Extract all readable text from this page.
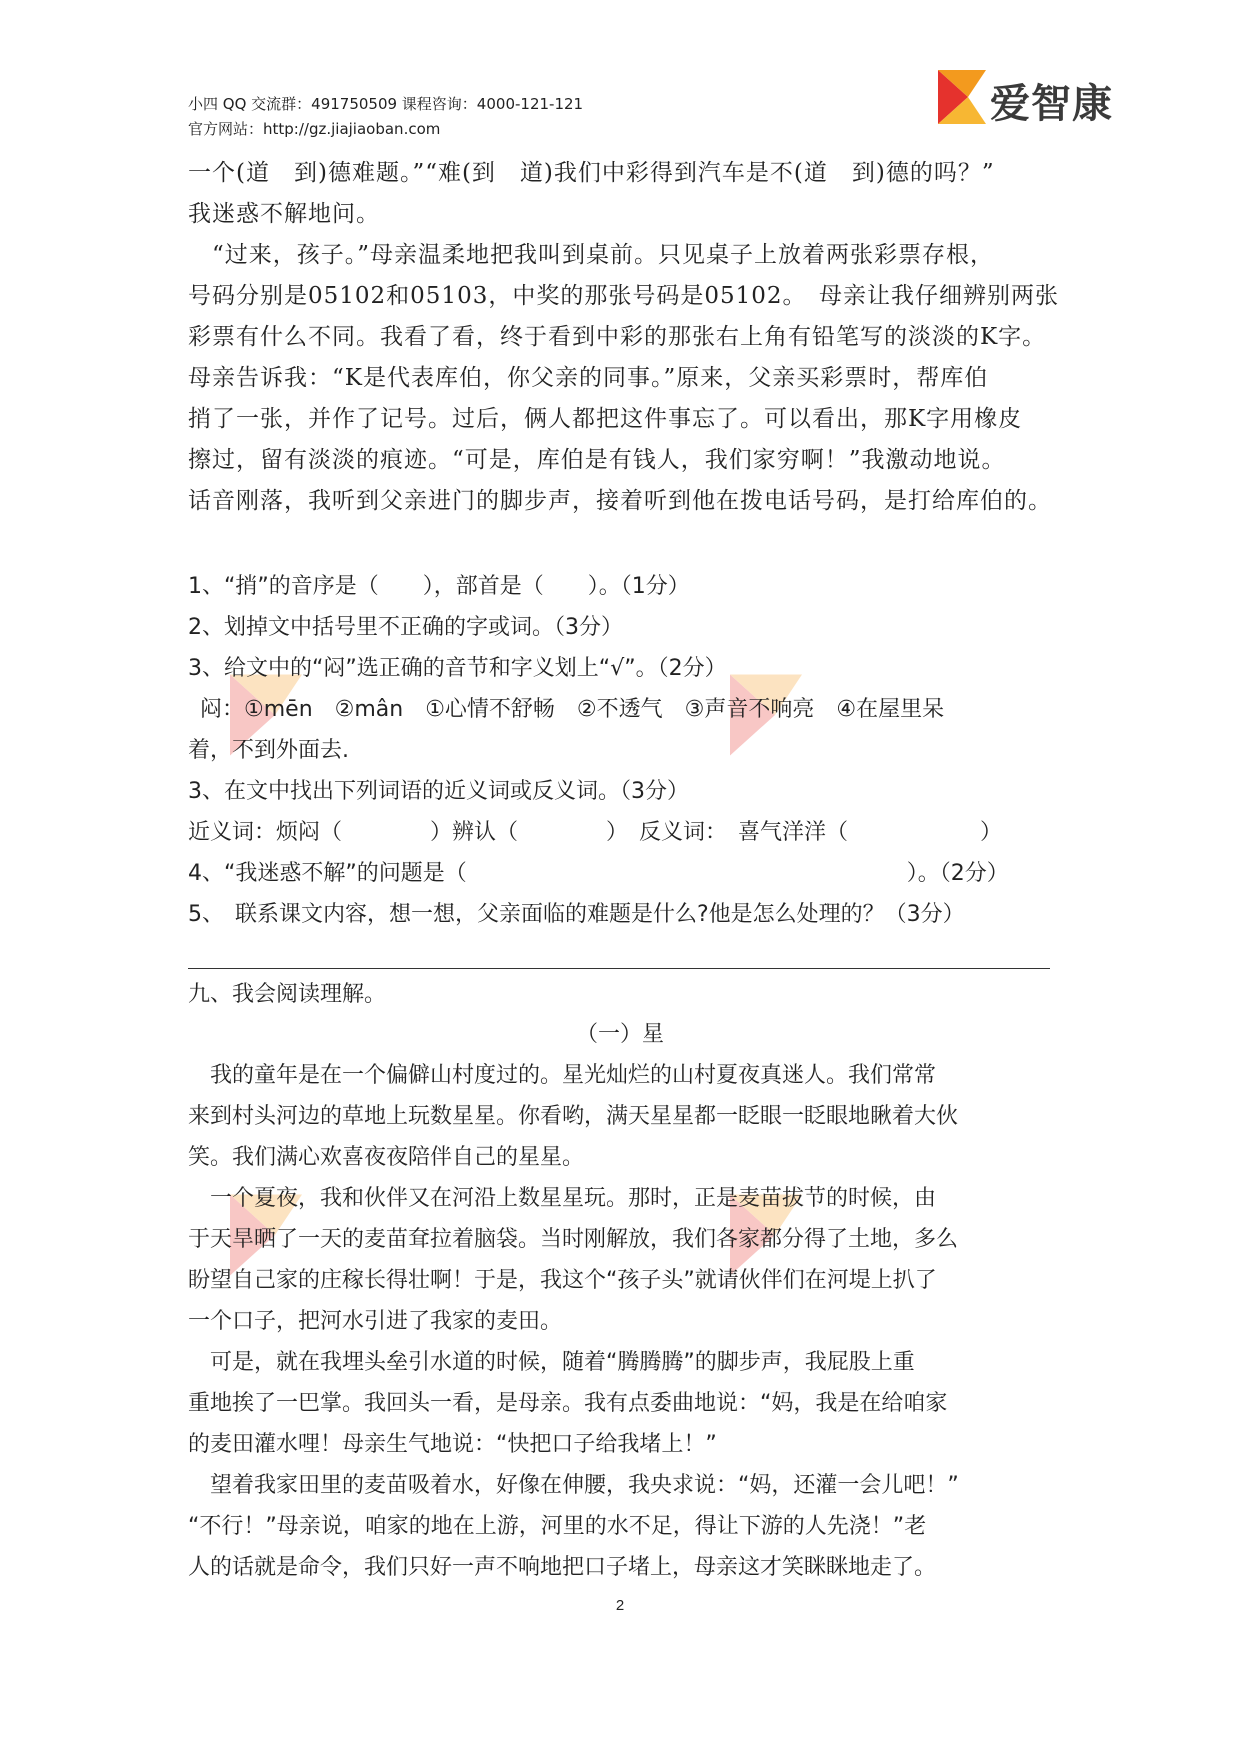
小四 QQ 交流群：491750509 课程咨询：4000-121-121
官方网站：http://gz.jiajiaoban.com
爱智康
一个(道　到)德难题。”“难(到　道)我们中彩得到汽车是不(道　到)德的吗？”
我迷惑不解地问。
　“过来，孩子。”母亲温柔地把我叫到桌前。只见桌子上放着两张彩票存根，
号码分别是05102和05103，中奖的那张号码是05102。　母亲让我仔细辨别两张
彩票有什么不同。我看了看，终于看到中彩的那张右上角有铅笔写的淡淡的K字。
母亲告诉我：“K是代表库伯，你父亲的同事。”原来，父亲买彩票时，帮库伯
捎了一张，并作了记号。过后，俩人都把这件事忘了。可以看出，那K字用橡皮
擦过，留有淡淡的痕迹。“可是，库伯是有钱人，我们家穷啊！”我激动地说。
话音刚落，我听到父亲进门的脚步声，接着听到他在拨电话号码，是打给库伯的。
1、“捎”的音序是（　　），部首是（　　）。（1分）
2、划掉文中括号里不正确的字或词。（3分）
3、给文中的“闷”选正确的音节和字义划上“√”。（2分）
闷：①mēn　②mân　①心情不舒畅　②不透气　③声音不响亮　④在屋里呆
着，不到外面去.
3、在文中找出下列词语的近义词或反义词。（3分）
近义词：烦闷（　　　　）辨认（　　　　）　反义词：　喜气洋洋（　　　　　　）
4、“我迷惑不解”的问题是（　　　　　　　　　　　　　　　　　　　　）。（2分）
5、　联系课文内容，想一想，父亲面临的难题是什么?他是怎么处理的？（3分）
九、我会阅读理解。
（一）星
　我的童年是在一个偏僻山村度过的。星光灿烂的山村夏夜真迷人。我们常常
来到村头河边的草地上玩数星星。你看哟，满天星星都一眨眼一眨眼地瞅着大伙
笑。我们满心欢喜夜夜陪伴自己的星星。
　一个夏夜，我和伙伴又在河沿上数星星玩。那时，正是麦苗拔节的时候，由
于天旱晒了一天的麦苗耷拉着脑袋。当时刚解放，我们各家都分得了土地，多么
盼望自己家的庄稼长得壮啊！于是，我这个“孩子头”就请伙伴们在河堤上扒了
一个口子，把河水引进了我家的麦田。
　可是，就在我埋头垒引水道的时候，随着“腾腾腾”的脚步声，我屁股上重
重地挨了一巴掌。我回头一看，是母亲。我有点委曲地说：“妈，我是在给咱家
的麦田灌水哩！母亲生气地说：“快把口子给我堵上！”
　望着我家田里的麦苗吸着水，好像在伸腰，我央求说：“妈，还灌一会儿吧！”
“不行！”母亲说，咱家的地在上游，河里的水不足，得让下游的人先浇！”老
人的话就是命令，我们只好一声不响地把口子堵上，母亲这才笑眯眯地走了。
2
